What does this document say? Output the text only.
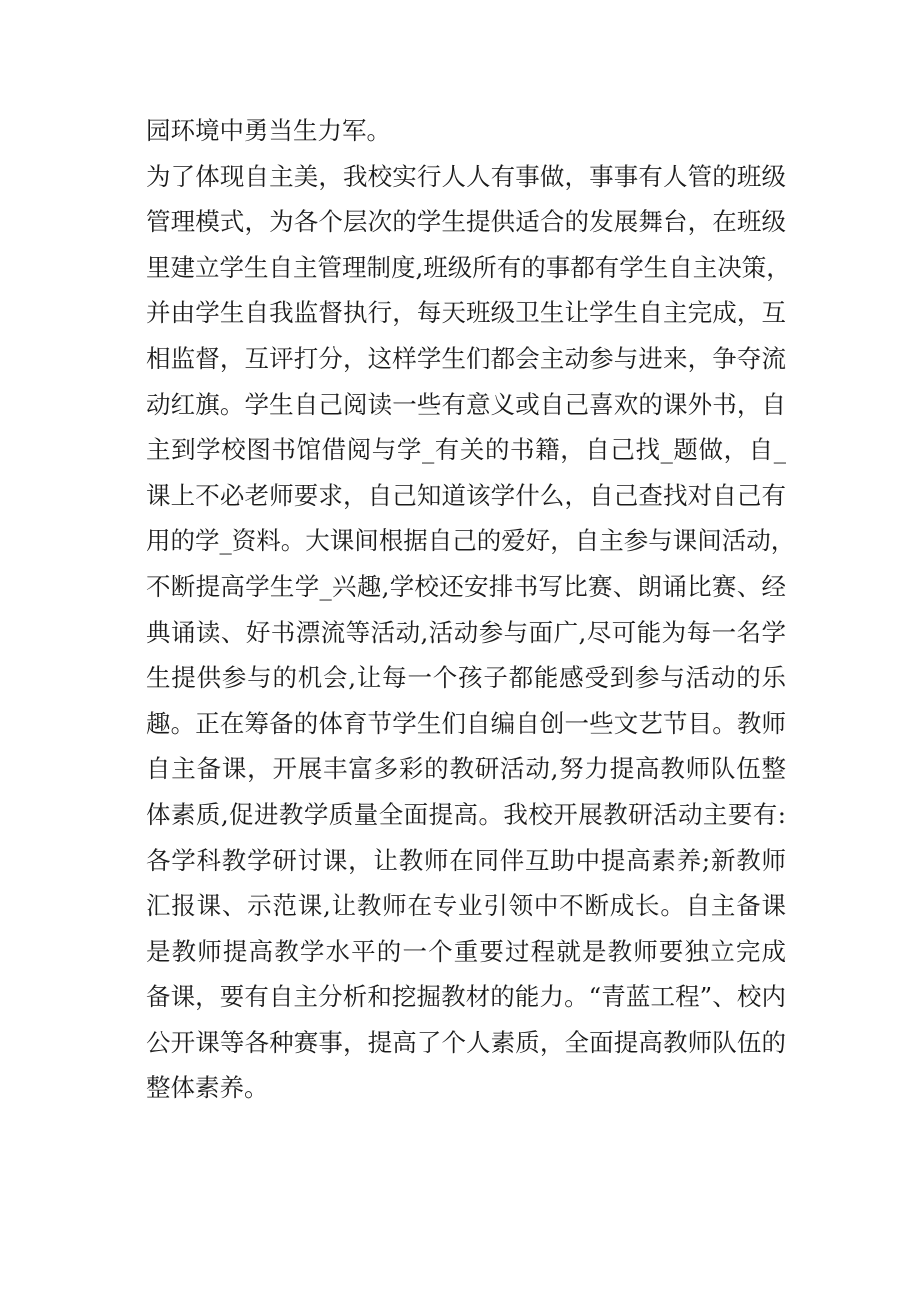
园环境中勇当生力军。
为了体现自主美，我校实行人人有事做，事事有人管的班级
管理模式，为各个层次的学生提供适合的发展舞台，在班级
里建立学生自主管理制度,班级所有的事都有学生自主决策，
并由学生自我监督执行，每天班级卫生让学生自主完成，互
相监督，互评打分，这样学生们都会主动参与进来，争夺流
动红旗。学生自己阅读一些有意义或自己喜欢的课外书，自
主到学校图书馆借阅与学_有关的书籍，自己找_题做，自_
课上不必老师要求，自己知道该学什么，自己查找对自己有
用的学_资料。大课间根据自己的爱好，自主参与课间活动，
不断提高学生学_兴趣,学校还安排书写比赛、朗诵比赛、经
典诵读、好书漂流等活动,活动参与面广,尽可能为每一名学
生提供参与的机会,让每一个孩子都能感受到参与活动的乐
趣。正在筹备的体育节学生们自编自创一些文艺节目。教师
自主备课，开展丰富多彩的教研活动,努力提高教师队伍整
体素质,促进教学质量全面提高。我校开展教研活动主要有:
各学科教学研讨课，让教师在同伴互助中提高素养;新教师
汇报课、示范课,让教师在专业引领中不断成长。自主备课
是教师提高教学水平的一个重要过程就是教师要独立完成
备课，要有自主分析和挖掘教材的能力。“青蓝工程”、校内
公开课等各种赛事，提高了个人素质，全面提高教师队伍的
整体素养。
